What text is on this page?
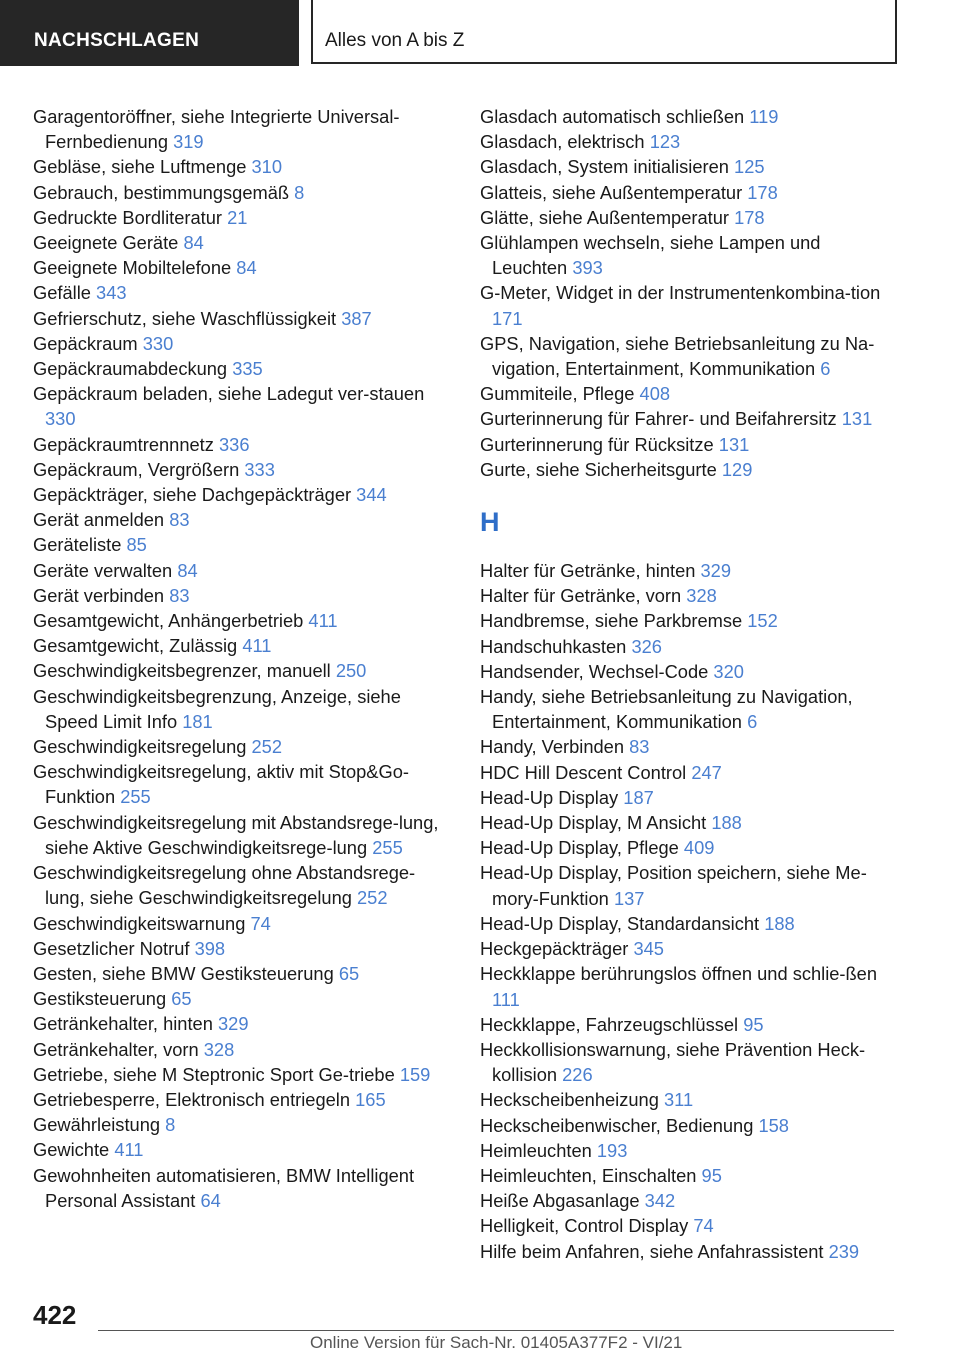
NACHSCHLAGEN	Alles von A bis Z

Garagentoröffner, siehe Integrierte Universal-Fernbedienung 319

Gebläse, siehe Luftmenge 310

Gebrauch, bestimmungsgemäß 8

Gedruckte Bordliteratur 21

Geeignete Geräte 84

Geeignete Mobiltelefone 84

Gefälle 343

Gefrierschutz, siehe Waschflüssigkeit 387

Gepäckraum 330

Gepäckraumabdeckung 335

Gepäckraum beladen, siehe Ladegut ver-stauen 330

Gepäckraumtrennnetz 336

Gepäckraum, Vergrößern 333

Gepäckträger, siehe Dachgepäckträger 344

Gerät anmelden 83

Geräteliste 85

Geräte verwalten 84

Gerät verbinden 83

Gesamtgewicht, Anhängerbetrieb 411

Gesamtgewicht, Zulässig 411

Geschwindigkeitsbegrenzer, manuell 250

Geschwindigkeitsbegrenzung, Anzeige, siehe Speed Limit Info 181

Geschwindigkeitsregelung 252

Geschwindigkeitsregelung, aktiv mit Stop&Go-Funktion 255

Geschwindigkeitsregelung mit Abstandsrege-lung, siehe Aktive Geschwindigkeitsrege-lung 255

Geschwindigkeitsregelung ohne Abstandsrege-lung, siehe Geschwindigkeitsregelung 252

Geschwindigkeitswarnung 74

Gesetzlicher Notruf 398

Gesten, siehe BMW Gestiksteuerung 65

Gestiksteuerung 65

Getränkehalter, hinten 329

Getränkehalter, vorn 328

Getriebe, siehe M Steptronic Sport Ge-triebe 159

Getriebesperre, Elektronisch entriegeln 165

Gewährleistung 8

Gewichte 411

Gewohnheiten automatisieren, BMW Intelligent Personal Assistant 64

Glasdach automatisch schließen 119

Glasdach, elektrisch 123

Glasdach, System initialisieren 125

Glatteis, siehe Außentemperatur 178

Glätte, siehe Außentemperatur 178

Glühlampen wechseln, siehe Lampen und Leuchten 393

G-Meter, Widget in der Instrumentenkombina-tion 171

GPS, Navigation, siehe Betriebsanleitung zu Na-vigation, Entertainment, Kommunikation 6

Gummiteile, Pflege 408

Gurterinnerung für Fahrer- und Beifahrersitz 131

Gurterinnerung für Rücksitze 131

Gurte, siehe Sicherheitsgurte 129

H

Halter für Getränke, hinten 329

Halter für Getränke, vorn 328

Handbremse, siehe Parkbremse 152

Handschuhkasten 326

Handsender, Wechsel-Code 320

Handy, siehe Betriebsanleitung zu Navigation, Entertainment, Kommunikation 6

Handy, Verbinden 83

HDC Hill Descent Control 247

Head-Up Display 187

Head-Up Display, M Ansicht 188

Head-Up Display, Pflege 409

Head-Up Display, Position speichern, siehe Me-mory-Funktion 137

Head-Up Display, Standardansicht 188

Heckgepäckträger 345

Heckklappe berührungslos öffnen und schlie-ßen 111

Heckklappe, Fahrzeugschlüssel 95

Heckkollisionswarnung, siehe Prävention Heck-kollision 226

Heckscheibenheizung 311

Heckscheibenwischer, Bedienung 158

Heimleuchten 193

Heimleuchten, Einschalten 95

Heiße Abgasanlage 342

Helligkeit, Control Display 74

Hilfe beim Anfahren, siehe Anfahrassistent 239

422
Online Version für Sach-Nr. 01405A377F2 - VI/21
